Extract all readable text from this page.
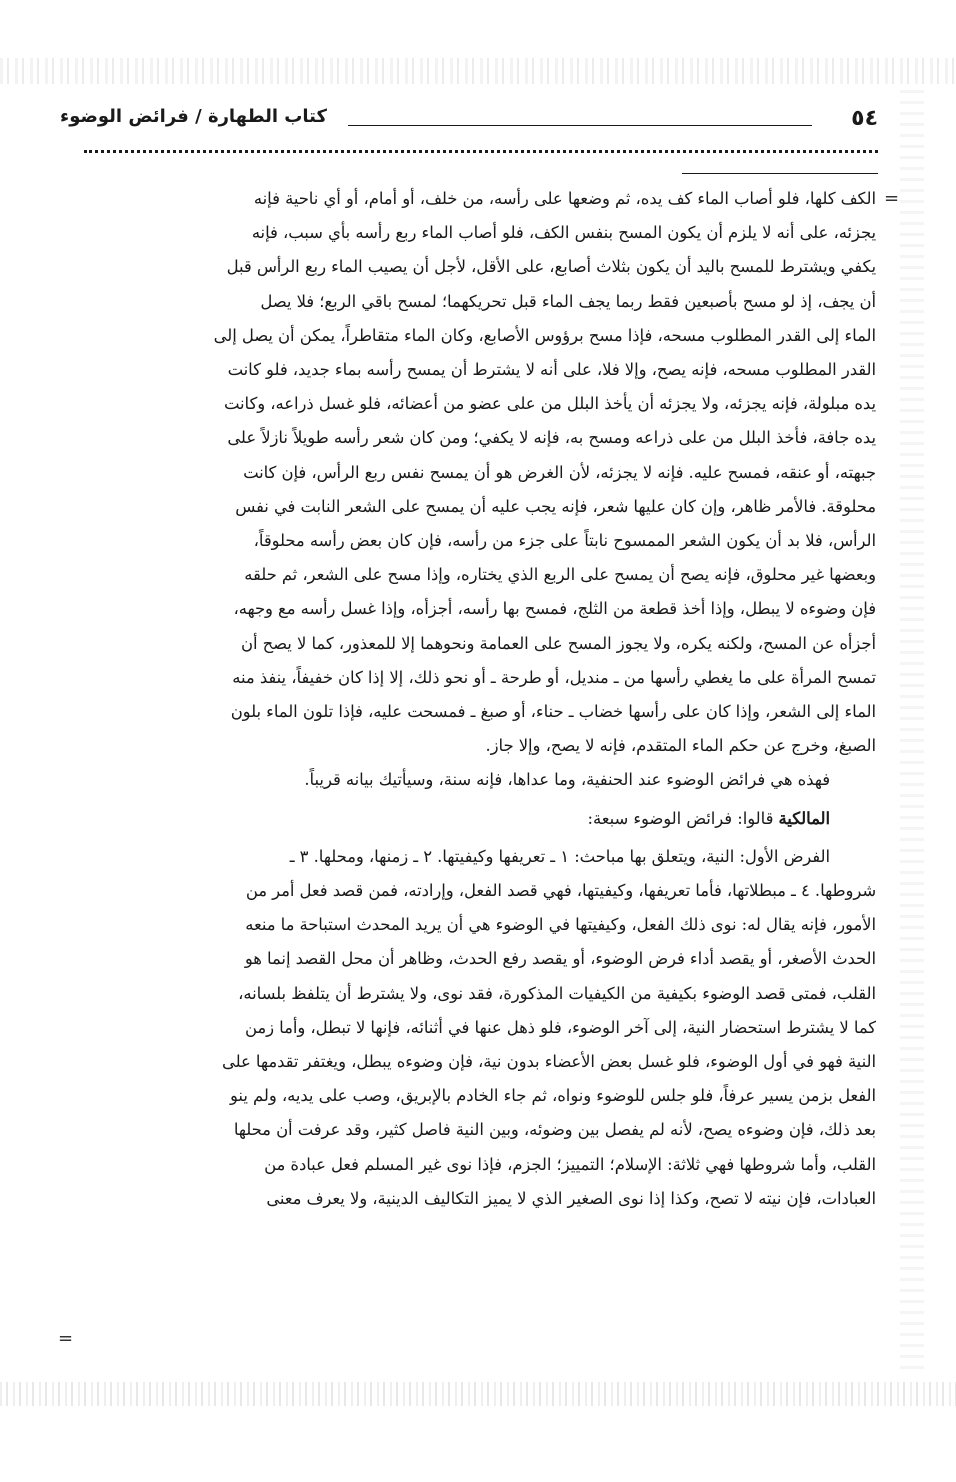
٥٤
كتاب الطهارة / فرائض الوضوء
=
=

الكف كلها، فلو أصاب الماء كف يده، ثم وضعها على رأسه، من خلف، أو أمام، أو أي ناحية فإنه

يجزئه، على أنه لا يلزم أن يكون المسح بنفس الكف، فلو أصاب الماء ربع رأسه بأي سبب، فإنه

يكفي ويشترط للمسح باليد أن يكون بثلاث أصابع، على الأقل، لأجل أن يصيب الماء ربع الرأس قبل

أن يجف، إذ لو مسح بأصبعين فقط ربما يجف الماء قبل تحريكهما؛ لمسح باقي الربع؛ فلا يصل

الماء إلى القدر المطلوب مسحه، فإذا مسح برؤوس الأصابع، وكان الماء متقاطراً، يمكن أن يصل إلى

القدر المطلوب مسحه، فإنه يصح، وإلا فلا، على أنه لا يشترط أن يمسح رأسه بماء جديد، فلو كانت

يده مبلولة، فإنه يجزئه، ولا يجزئه أن يأخذ البلل من على عضو من أعضائه، فلو غسل ذراعه، وكانت

يده جافة، فأخذ البلل من على ذراعه ومسح به، فإنه لا يكفي؛ ومن كان شعر رأسه طويلاً نازلاً على

جبهته، أو عنقه، فمسح عليه. فإنه لا يجزئه، لأن الغرض هو أن يمسح نفس ربع الرأس، فإن كانت

محلوقة. فالأمر ظاهر، وإن كان عليها شعر، فإنه يجب عليه أن يمسح على الشعر النابت في نفس

الرأس، فلا بد أن يكون الشعر الممسوح نابتاً على جزء من رأسه، فإن كان بعض رأسه محلوقاً،

وبعضها غير محلوق، فإنه يصح أن يمسح على الربع الذي يختاره، وإذا مسح على الشعر، ثم حلقه

فإن وضوءه لا يبطل، وإذا أخذ قطعة من الثلج، فمسح بها رأسه، أجزأه، وإذا غسل رأسه مع وجهه،

أجزأه عن المسح، ولكنه يكره، ولا يجوز المسح على العمامة ونحوهما إلا للمعذور، كما لا يصح أن

تمسح المرأة على ما يغطي رأسها من ـ منديل، أو طرحة ـ أو نحو ذلك، إلا إذا كان خفيفاً، ينفذ منه

الماء إلى الشعر، وإذا كان على رأسها خضاب ـ حناء، أو صبغ ـ فمسحت عليه، فإذا تلون الماء بلون

الصبغ، وخرج عن حكم الماء المتقدم، فإنه لا يصح، وإلا جاز.

فهذه هي فرائض الوضوء عند الحنفية، وما عداها، فإنه سنة، وسيأتيك بيانه قريباً.

المالكية قالوا: فرائض الوضوء سبعة:

الفرض الأول: النية، ويتعلق بها مباحث: ١ ـ تعريفها وكيفيتها. ٢ ـ زمنها، ومحلها. ٣ ـ

شروطها. ٤ ـ مبطلاتها، فأما تعريفها، وكيفيتها، فهي قصد الفعل، وإرادته، فمن قصد فعل أمر من

الأمور، فإنه يقال له: نوى ذلك الفعل، وكيفيتها في الوضوء هي أن يريد المحدث استباحة ما منعه

الحدث الأصغر، أو يقصد أداء فرض الوضوء، أو يقصد رفع الحدث، وظاهر أن محل القصد إنما هو

القلب، فمتى قصد الوضوء بكيفية من الكيفيات المذكورة، فقد نوى، ولا يشترط أن يتلفظ بلسانه،

كما لا يشترط استحضار النية، إلى آخر الوضوء، فلو ذهل عنها في أثنائه، فإنها لا تبطل، وأما زمن

النية فهو في أول الوضوء، فلو غسل بعض الأعضاء بدون نية، فإن وضوءه يبطل، ويغتفر تقدمها على

الفعل بزمن يسير عرفاً، فلو جلس للوضوء ونواه، ثم جاء الخادم بالإبريق، وصب على يديه، ولم ينو

بعد ذلك، فإن وضوءه يصح، لأنه لم يفصل بين وضوئه، وبين النية فاصل كثير، وقد عرفت أن محلها

القلب، وأما شروطها فهي ثلاثة: الإسلام؛ التمييز؛ الجزم، فإذا نوى غير المسلم فعل عبادة من

العبادات، فإن نيته لا تصح، وكذا إذا نوى الصغير الذي لا يميز التكاليف الدينية، ولا يعرف معنى
